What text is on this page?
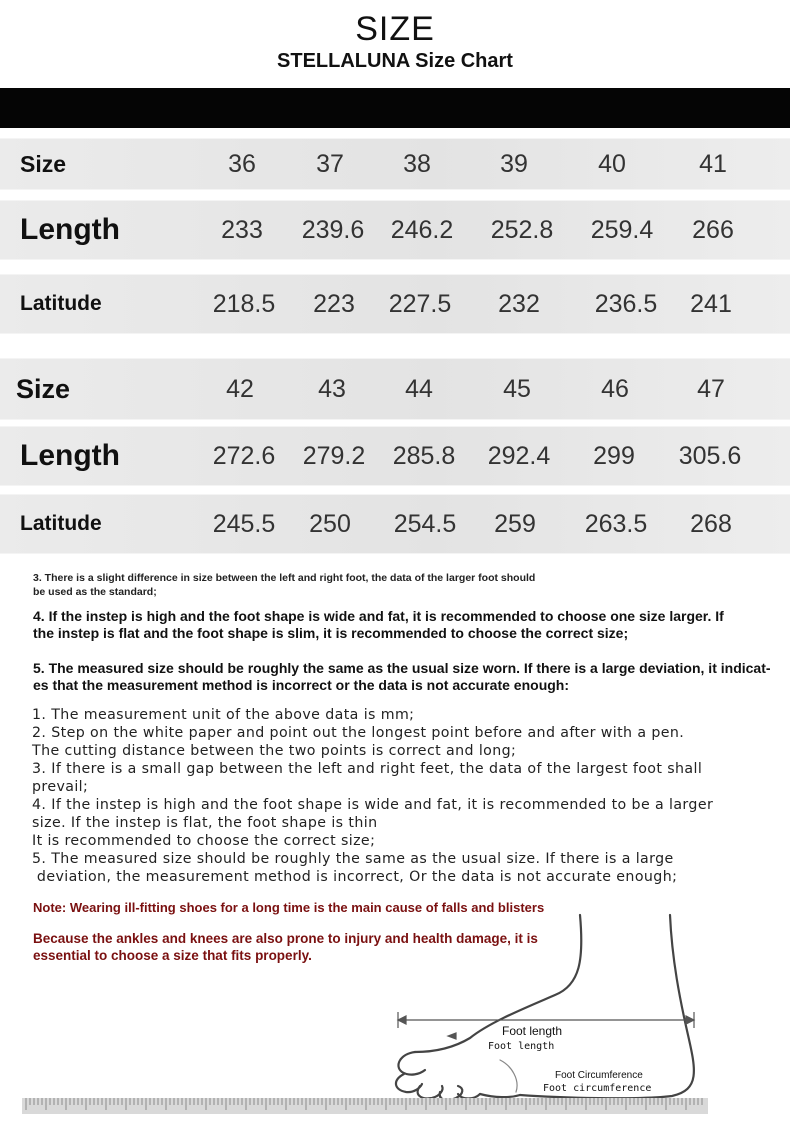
SIZE
STELLALUNA Size Chart
Size	36	37	38	39	40	41
Length	233	239.6	246.2	252.8	259.4	266
Latitude	218.5	223	227.5	232	236.5	241
Size	42	43	44	45	46	47
Length	272.6	279.2	285.8	292.4	299	305.6
Latitude	245.5	250	254.5	259	263.5	268
3. There is a slight difference in size between the left and right foot, the data of the larger foot should
be used as the standard;
4. If the instep is high and the foot shape is wide and fat, it is recommended to choose one size larger. If
the instep is flat and the foot shape is slim, it is recommended to choose the correct size;
5. The measured size should be roughly the same as the usual size worn. If there is a large deviation, it indicat-
es that the measurement method is incorrect or the data is not accurate enough:
1. The measurement unit of the above data is mm;
2. Step on the white paper and point out the longest point before and after with a pen.
The cutting distance between the two points is correct and long;
3. If there is a small gap between the left and right feet, the data of the largest foot shall
prevail;
4. If the instep is high and the foot shape is wide and fat, it is recommended to be a larger
size. If the instep is flat, the foot shape is thin
It is recommended to choose the correct size;
5. The measured size should be roughly the same as the usual size. If there is a large
deviation, the measurement method is incorrect, Or the data is not accurate enough;
Note: Wearing ill-fitting shoes for a long time is the main cause of falls and blisters
Because the ankles and knees are also prone to injury and health damage, it is
essential to choose a size that fits properly.
Foot length
Foot length
Foot Circumference
Foot circumference
